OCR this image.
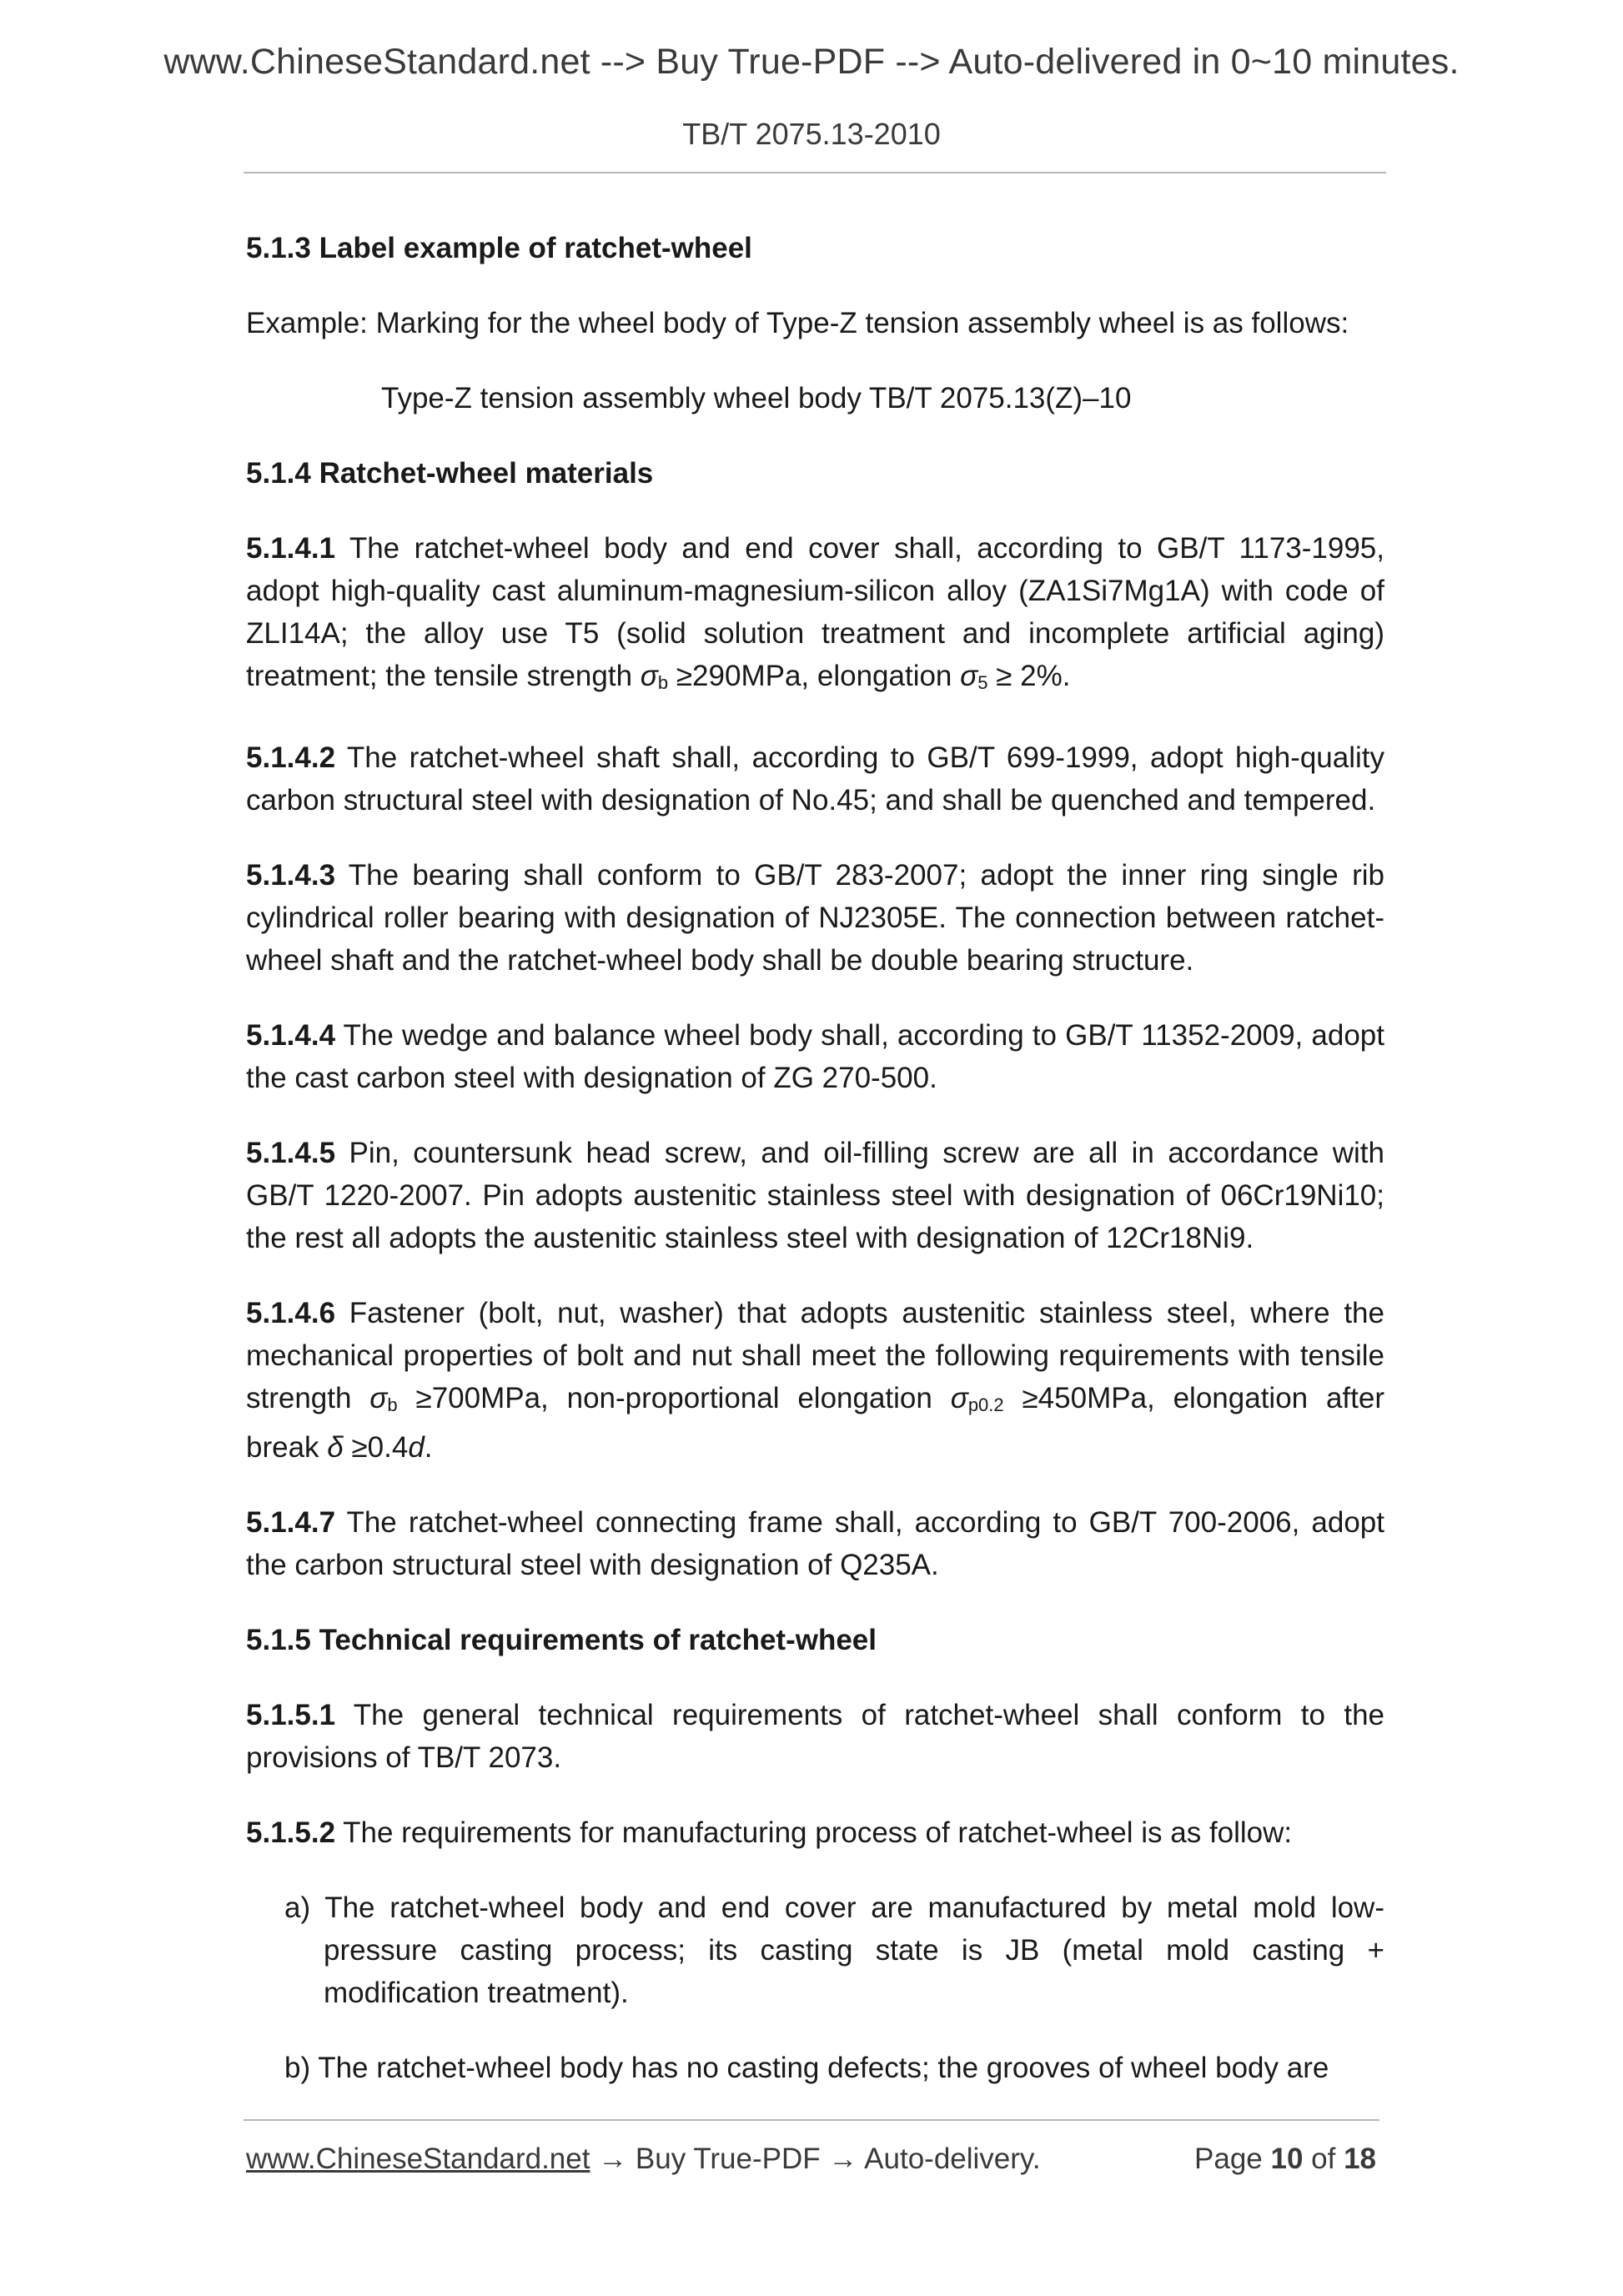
www.ChineseStandard.net --> Buy True-PDF --> Auto-delivered in 0~10 minutes.
TB/T 2075.13-2010

5.1.3 Label example of ratchet-wheel

Example: Marking for the wheel body of Type-Z tension assembly wheel is as follows:

Type-Z tension assembly wheel body TB/T 2075.13(Z)–10

5.1.4 Ratchet-wheel materials

5.1.4.1 The ratchet-wheel body and end cover shall, according to GB/T 1173-1995, adopt high-quality cast aluminum-magnesium-silicon alloy (ZA1Si7Mg1A) with code of ZLI14A; the alloy use T5 (solid solution treatment and incomplete artificial aging) treatment; the tensile strength σb ≥290MPa, elongation σ5 ≥ 2%.

5.1.4.2 The ratchet-wheel shaft shall, according to GB/T 699-1999, adopt high-quality carbon structural steel with designation of No.45; and shall be quenched and tempered.

5.1.4.3 The bearing shall conform to GB/T 283-2007; adopt the inner ring single rib cylindrical roller bearing with designation of NJ2305E. The connection between ratchet-wheel shaft and the ratchet-wheel body shall be double bearing structure.

5.1.4.4 The wedge and balance wheel body shall, according to GB/T 11352-2009, adopt the cast carbon steel with designation of ZG 270-500.

5.1.4.5 Pin, countersunk head screw, and oil-filling screw are all in accordance with GB/T 1220-2007. Pin adopts austenitic stainless steel with designation of 06Cr19Ni10; the rest all adopts the austenitic stainless steel with designation of 12Cr18Ni9.

5.1.4.6 Fastener (bolt, nut, washer) that adopts austenitic stainless steel, where the mechanical properties of bolt and nut shall meet the following requirements with tensile strength σb ≥700MPa, non-proportional elongation σp0.2 ≥450MPa, elongation after break δ ≥0.4d.

5.1.4.7 The ratchet-wheel connecting frame shall, according to GB/T 700-2006, adopt the carbon structural steel with designation of Q235A.

5.1.5 Technical requirements of ratchet-wheel

5.1.5.1 The general technical requirements of ratchet-wheel shall conform to the provisions of TB/T 2073.

5.1.5.2 The requirements for manufacturing process of ratchet-wheel is as follow:

a) The ratchet-wheel body and end cover are manufactured by metal mold low-pressure casting process; its casting state is JB (metal mold casting + modification treatment).

b) The ratchet-wheel body has no casting defects; the grooves of wheel body are

www.ChineseStandard.net → Buy True-PDF → Auto-delivery.	Page 10 of 18
